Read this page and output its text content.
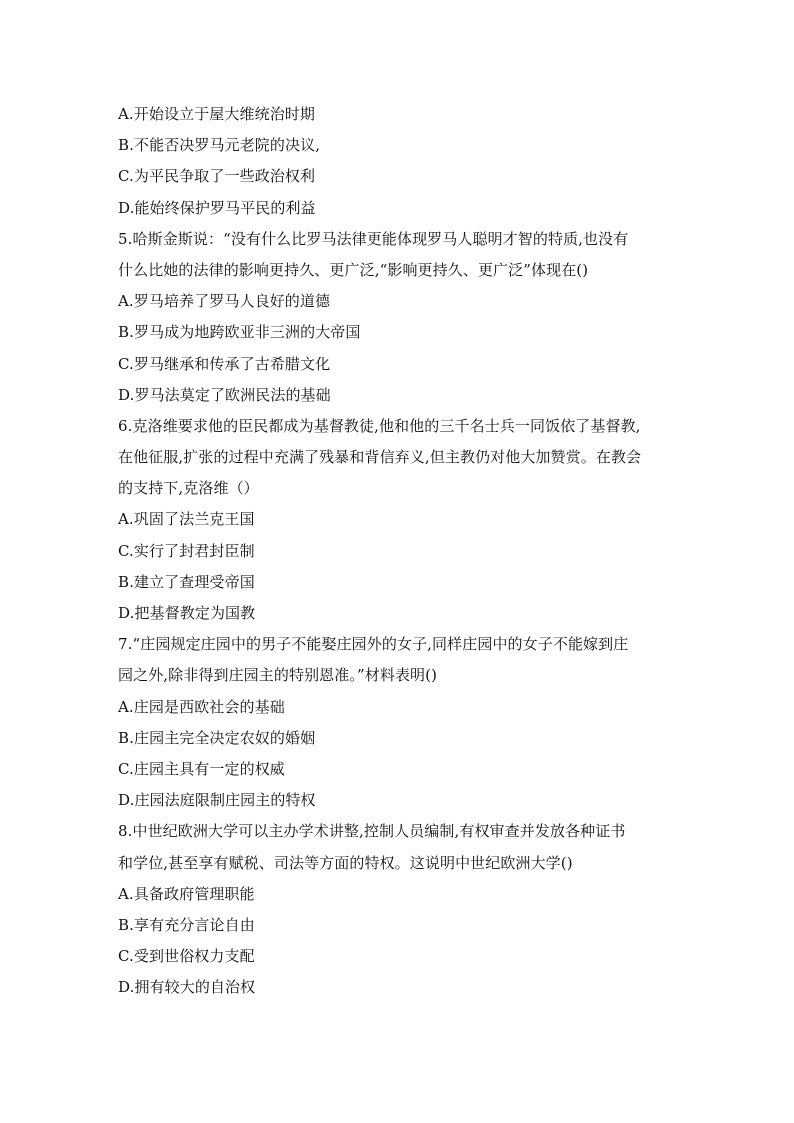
A.开始设立于屋大维统治时期
B.不能否决罗马元老院的决议,
C.为平民争取了一些政治权利
D.能始终保护罗马平民的利益
5.哈斯金斯说：“没有什么比罗马法律更能体现罗马人聪明才智的特质,也没有
什么比她的法律的影响更持久、更广泛,“影响更持久、更广泛”体现在()
A.罗马培养了罗马人良好的道德
B.罗马成为地跨欧亚非三洲的大帝国
C.罗马继承和传承了古希腊文化
D.罗马法莫定了欧洲民法的基础
6.克洛维要求他的臣民都成为基督教徒,他和他的三千名士兵一同饭依了基督教,
在他征服,扩张的过程中充满了残暴和背信弃义,但主教仍对他大加赞赏。在教会
的支持下,克洛维（）
A.巩固了法兰克王国
C.实行了封君封臣制
B.建立了查理受帝国
D.把基督教定为国教
7.“庄园规定庄园中的男子不能娶庄园外的女子,同样庄园中的女子不能嫁到庄
园之外,除非得到庄园主的特别恩准。”材料表明()
A.庄园是西欧社会的基础
B.庄园主完全决定农奴的婚姻
C.庄园主具有一定的权威
D.庄园法庭限制庄园主的特权
8.中世纪欧洲大学可以主办学术讲整,控制人员编制,有权审查并发放各种证书
和学位,甚至享有赋税、司法等方面的特权。这说明中世纪欧洲大学()
A.具备政府管理职能
B.享有充分言论自由
C.受到世俗权力支配
D.拥有较大的自治权
